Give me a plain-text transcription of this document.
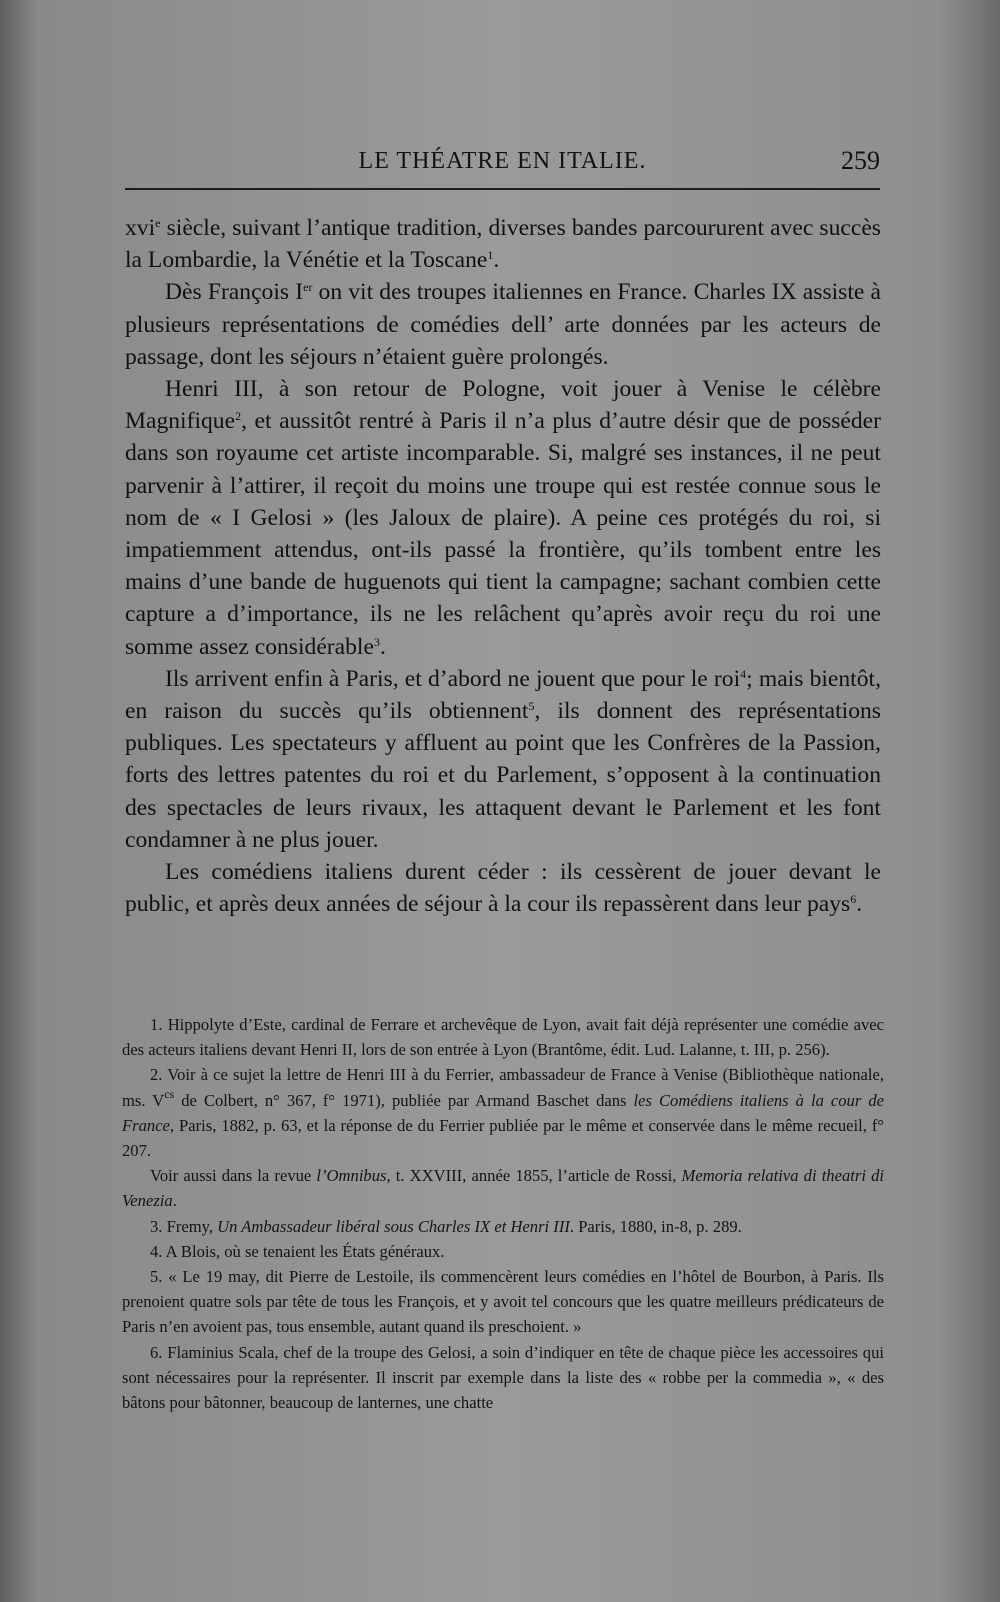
LE THÉATRE EN ITALIE.	259

xvi$^e$ siècle, suivant l’antique tradition, diverses bandes parcoururent avec succès la Lombardie, la Vénétie et la Toscane$^1$.

Dès François Ier on vit des troupes italiennes en France. Charles IX assiste à plusieurs représentations de comédies dell’ arte données par les acteurs de passage, dont les séjours n’étaient guère prolongés.

Henri III, à son retour de Pologne, voit jouer à Venise le célèbre Magnifique$^2$, et aussitôt rentré à Paris il n’a plus d’autre désir que de posséder dans son royaume cet artiste incomparable. Si, malgré ses instances, il ne peut parvenir à l’attirer, il reçoit du moins une troupe qui est restée connue sous le nom de « I Gelosi » (les Jaloux de plaire). A peine ces protégés du roi, si impatiemment attendus, ont-ils passé la frontière, qu’ils tombent entre les mains d’une bande de huguenots qui tient la campagne; sachant combien cette capture a d’importance, ils ne les relâchent qu’après avoir reçu du roi une somme assez considérable$^3$.

Ils arrivent enfin à Paris, et d’abord ne jouent que pour le roi$^4$; mais bientôt, en raison du succès qu’ils obtiennent$^5$, ils donnent des représentations publiques. Les spectateurs y affluent au point que les Confrères de la Passion, forts des lettres patentes du roi et du Parlement, s’opposent à la continuation des spectacles de leurs rivaux, les attaquent devant le Parlement et les font condamner à ne plus jouer.

Les comédiens italiens durent céder : ils cessèrent de jouer devant le public, et après deux années de séjour à la cour ils repassèrent dans leur pays$^6$.

1. Hippolyte d’Este, cardinal de Ferrare et archevêque de Lyon, avait fait déjà représenter une comédie avec des acteurs italiens devant Henri II, lors de son entrée à Lyon (Brantôme, édit. Lud. Lalanne, t. III, p. 256).

2. Voir à ce sujet la lettre de Henri III à du Ferrier, ambassadeur de France à Venise (Bibliothèque nationale, ms. $V^{cs}$ de Colbert, n° 367, f° 1971), publiée par Armand Baschet dans les Comédiens italiens à la cour de France, Paris, 1882, p. 63, et la réponse de du Ferrier publiée par le même et conservée dans le même recueil, f° 207.

Voir aussi dans la revue l’Omnibus, t. XXVIII, année 1855, l’article de Rossi, Memoria relativa di theatri di Venezia.

3. Fremy, Un Ambassadeur libéral sous Charles IX et Henri III. Paris, 1880, in-8, p. 289.

4. A Blois, où se tenaient les États généraux.

5. « Le 19 may, dit Pierre de Lestoile, ils commencèrent leurs comédies en l’hôtel de Bourbon, à Paris. Ils prenoient quatre sols par tête de tous les François, et y avoit tel concours que les quatre meilleurs prédicateurs de Paris n’en avoient pas, tous ensemble, autant quand ils preschoient. »

6. Flaminius Scala, chef de la troupe des Gelosi, a soin d’indiquer en tête de chaque pièce les accessoires qui sont nécessaires pour la représenter. Il inscrit par exemple dans la liste des « robbe per la commedia », « des bâtons pour bâtonner, beaucoup de lanternes, une chatte
